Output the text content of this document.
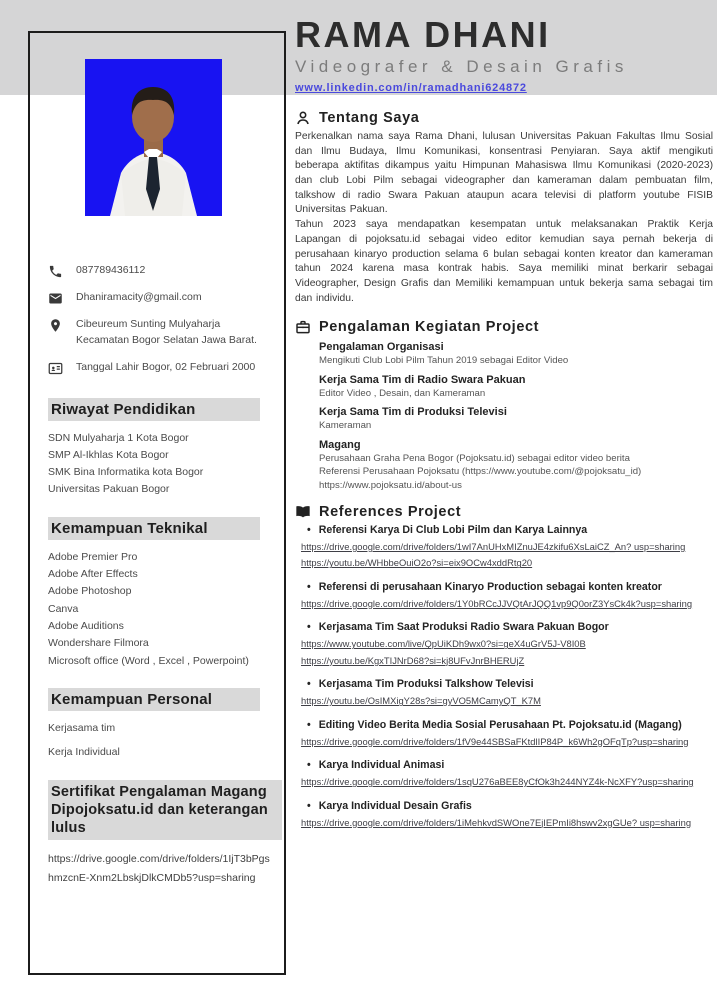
087789436112
Dhaniramacity@gmail.com
Cibeureum Sunting Mulyaharja
Kecamatan Bogor Selatan Jawa Barat.
Tanggal Lahir Bogor, 02 Februari 2000
Riwayat Pendidikan
SDN Mulyaharja 1 Kota Bogor
SMP Al-Ikhlas Kota Bogor
SMK Bina Informatika kota Bogor
Universitas Pakuan Bogor
Kemampuan Teknikal
Adobe Premier Pro
Adobe After Effects
Adobe Photoshop
Canva
Adobe Auditions
Wondershare Filmora
Microsoft office (Word , Excel , Powerpoint)
Kemampuan Personal
Kerjasama tim
Kerja Individual
Sertifikat Pengalaman Magang Dipojoksatu.id dan keterangan lulus
https://drive.google.com/drive/folders/1IjT3bPgshmzcnE-Xnm2LbskjDlkCMDb5?usp=sharing
RAMA DHANI
Videografer & Desain Grafis
www.linkedin.com/in/ramadhani624872
Tentang Saya
Perkenalkan nama saya Rama Dhani, lulusan Universitas Pakuan Fakultas Ilmu Sosial dan Ilmu Budaya, Ilmu Komunikasi, konsentrasi Penyiaran. Saya aktif mengikuti beberapa aktifitas dikampus yaitu Himpunan Mahasiswa Ilmu Komunikasi (2020-2023) dan club Lobi Pilm sebagai videographer dan kameraman dalam pembuatan film, talkshow di radio Swara Pakuan ataupun acara televisi di platform youtube FISIB Universitas Pakuan.
Tahun 2023 saya mendapatkan kesempatan untuk melaksanakan Praktik Kerja Lapangan di pojoksatu.id sebagai video editor kemudian saya pernah bekerja di perusahaan kinaryo production selama 6 bulan sebagai konten kreator dan kameraman tahun 2024 karena masa kontrak habis. Saya memiliki minat berkarir sebagai Videographer, Design Grafis dan Memiliki kemampuan untuk bekerja sama sebagai tim dan individu.
Pengalaman Kegiatan Project
Pengalaman Organisasi
Mengikuti Club Lobi Pilm Tahun 2019 sebagai Editor Video
Kerja Sama Tim di Radio Swara Pakuan
Editor Video , Desain, dan Kameraman
Kerja Sama Tim di Produksi Televisi
Kameraman
Magang
Perusahaan Graha Pena Bogor (Pojoksatu.id) sebagai editor video berita
Referensi Perusahaan Pojoksatu (https://www.youtube.com/@pojoksatu_id)
https://www.pojoksatu.id/about-us
References Project
• Referensi Karya Di Club Lobi Pilm dan Karya Lainnya
https://drive.google.com/drive/folders/1wI7AnUHxMIZnuJE4zkifu6XsLaiCZ_An? usp=sharing
https://youtu.be/WHbbeOuiO2o?si=eix9OCw4xddRtg20
• Referensi di perusahaan Kinaryo Production sebagai konten kreator
https://drive.google.com/drive/folders/1Y0bRCcJJVQtArJQQ1vp9Q0orZ3YsCk4k?usp=sharing
• Kerjasama Tim Saat Produksi Radio Swara Pakuan Bogor
https://www.youtube.com/live/QpUiKDh9wx0?si=geX4uGrV5J-V8I0B
https://youtu.be/KgxTIJNrD68?si=kj8UFvJnrBHERUjZ
• Kerjasama Tim Produksi Talkshow Televisi
https://youtu.be/OsIMXigY28s?si=gyVO5MCamyQT_K7M
• Editing Video Berita Media Sosial Perusahaan Pt. Pojoksatu.id (Magang)
https://drive.google.com/drive/folders/1fV9e44SBSaFKtdlIP84P_k6Wh2gOFqTp?usp=sharing
• Karya Individual Animasi
https://drive.google.com/drive/folders/1sqU276aBEE8yCfOk3h244NYZ4k-NcXFY?usp=sharing
• Karya Individual Desain Grafis
https://drive.google.com/drive/folders/1iMehkvdSWOne7EjIEPmIi8hswv2xgGUe? usp=sharing
